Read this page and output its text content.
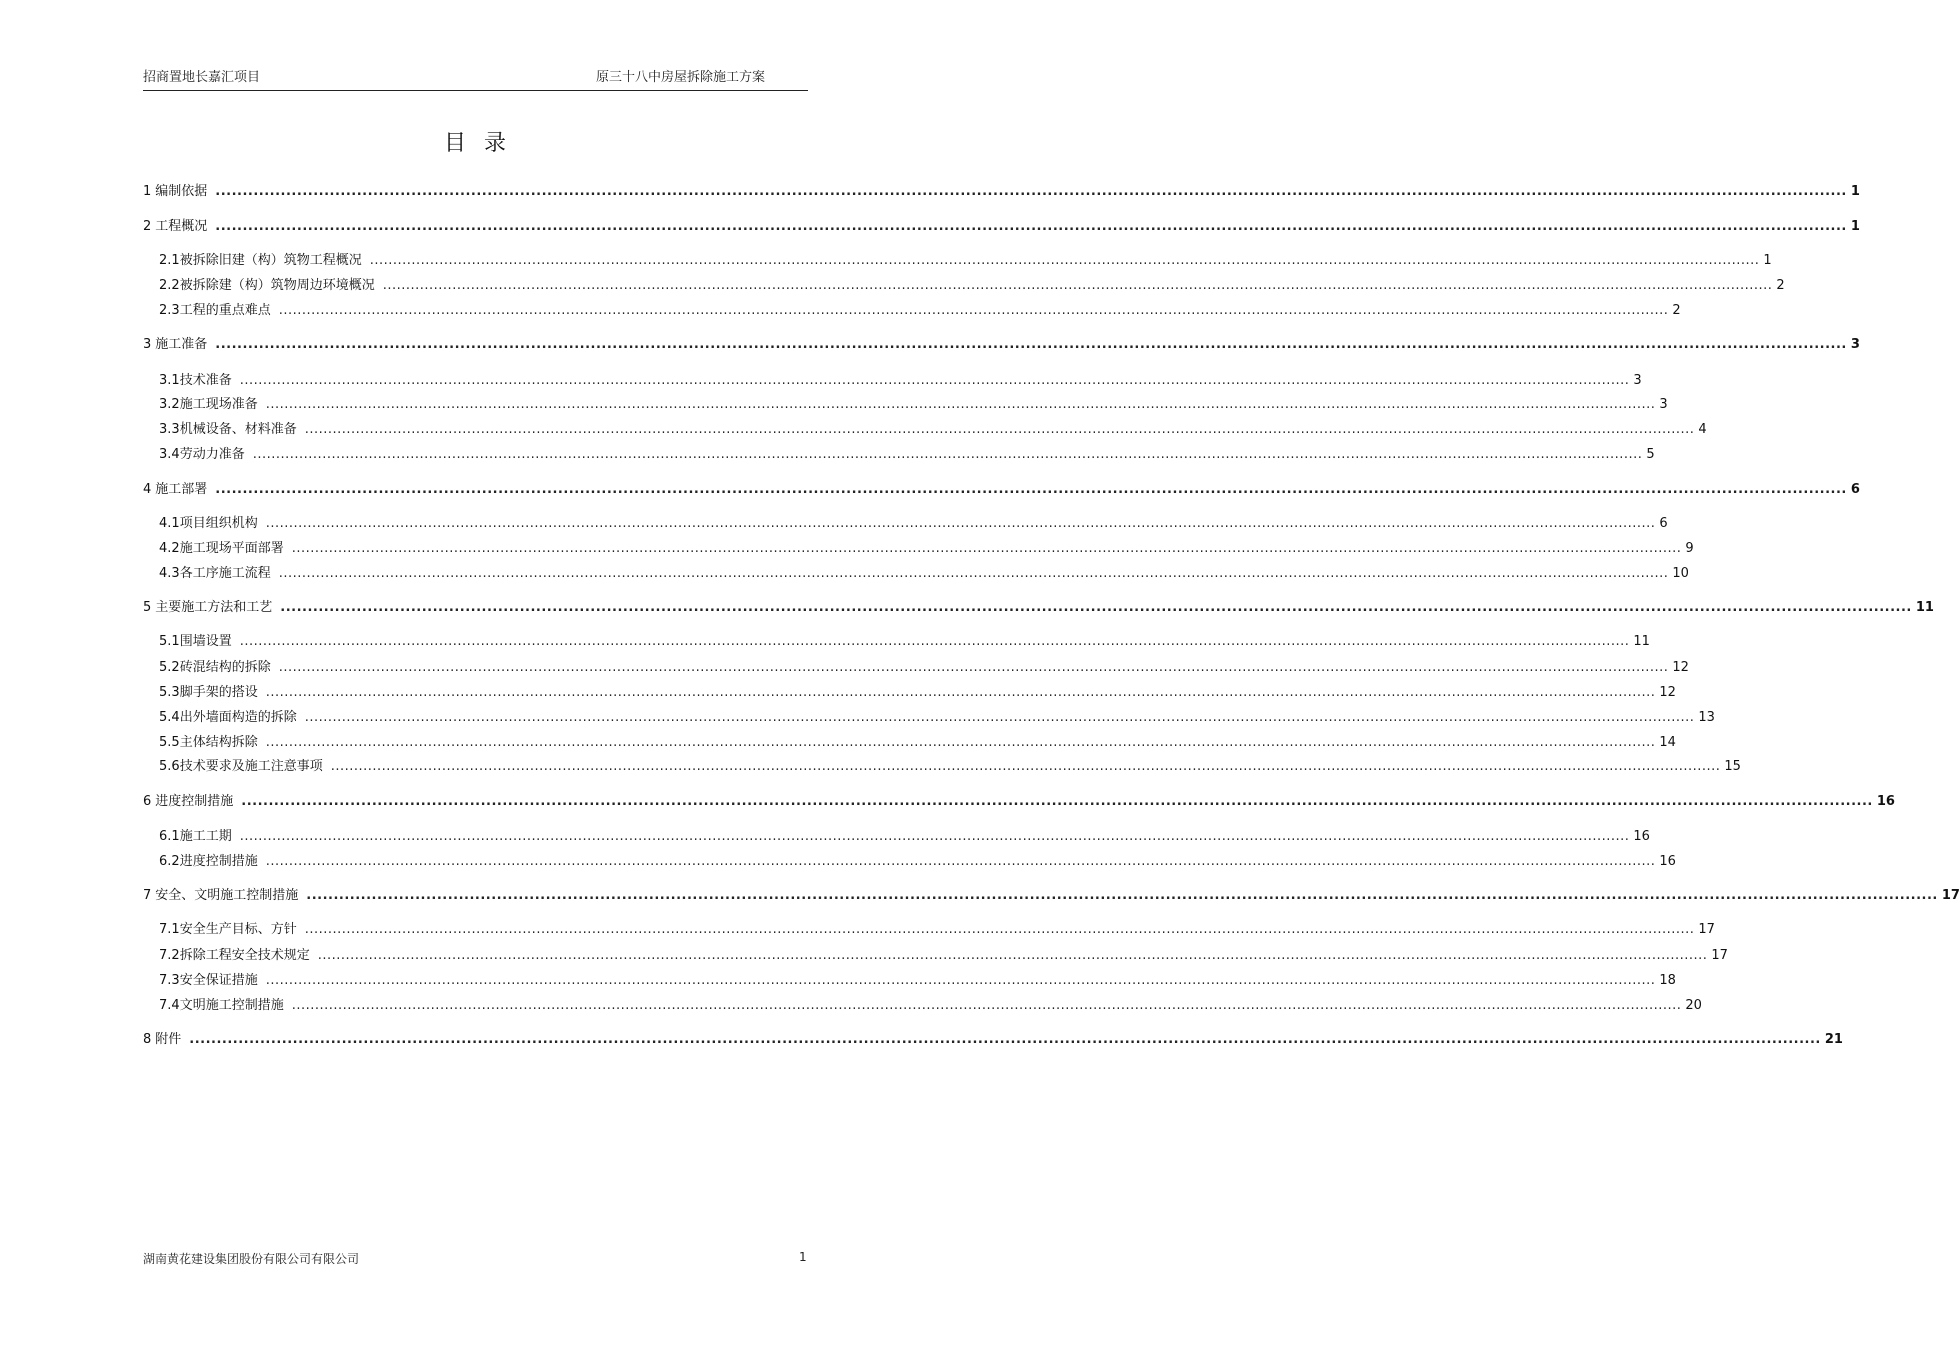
招商置地长嘉汇项目	原三十八中房屋拆除施工方案
目录
1 编制依据 ............................................................................................................................................................................................................................................................................................................ 1
2 工程概况 ............................................................................................................................................................................................................................................................................................................ 1
2.1 被拆除旧建（构）筑物工程概况 ............................................................................................................................................................................................................................................................................................................ 1
2.2 被拆除建（构）筑物周边环境概况 ............................................................................................................................................................................................................................................................................................................ 2
2.3 工程的重点难点 ............................................................................................................................................................................................................................................................................................................ 2
3 施工准备 ............................................................................................................................................................................................................................................................................................................ 3
3.1 技术准备 ............................................................................................................................................................................................................................................................................................................ 3
3.2 施工现场准备 ............................................................................................................................................................................................................................................................................................................ 3
3.3 机械设备、材料准备 ............................................................................................................................................................................................................................................................................................................ 4
3.4 劳动力准备 ............................................................................................................................................................................................................................................................................................................ 5
4 施工部署 ............................................................................................................................................................................................................................................................................................................ 6
4.1 项目组织机构 ............................................................................................................................................................................................................................................................................................................ 6
4.2 施工现场平面部署 ............................................................................................................................................................................................................................................................................................................ 9
4.3 各工序施工流程 ............................................................................................................................................................................................................................................................................................................ 10
5 主要施工方法和工艺 ............................................................................................................................................................................................................................................................................................................ 11
5.1 围墙设置 ............................................................................................................................................................................................................................................................................................................ 11
5.2 砖混结构的拆除 ............................................................................................................................................................................................................................................................................................................ 12
5.3 脚手架的搭设 ............................................................................................................................................................................................................................................................................................................ 12
5.4 出外墙面构造的拆除 ............................................................................................................................................................................................................................................................................................................ 13
5.5 主体结构拆除 ............................................................................................................................................................................................................................................................................................................ 14
5.6 技术要求及施工注意事项 ............................................................................................................................................................................................................................................................................................................ 15
6 进度控制措施 ............................................................................................................................................................................................................................................................................................................ 16
6.1 施工工期 ............................................................................................................................................................................................................................................................................................................ 16
6.2 进度控制措施 ............................................................................................................................................................................................................................................................................................................ 16
7 安全、文明施工控制措施 ............................................................................................................................................................................................................................................................................................................ 17
7.1 安全生产目标、方针 ............................................................................................................................................................................................................................................................................................................ 17
7.2 拆除工程安全技术规定 ............................................................................................................................................................................................................................................................................................................ 17
7.3 安全保证措施 ............................................................................................................................................................................................................................................................................................................ 18
7.4 文明施工控制措施 ............................................................................................................................................................................................................................................................................................................ 20
8 附件 ............................................................................................................................................................................................................................................................................................................ 21
湖南黄花建设集团股份有限公司有限公司	1
